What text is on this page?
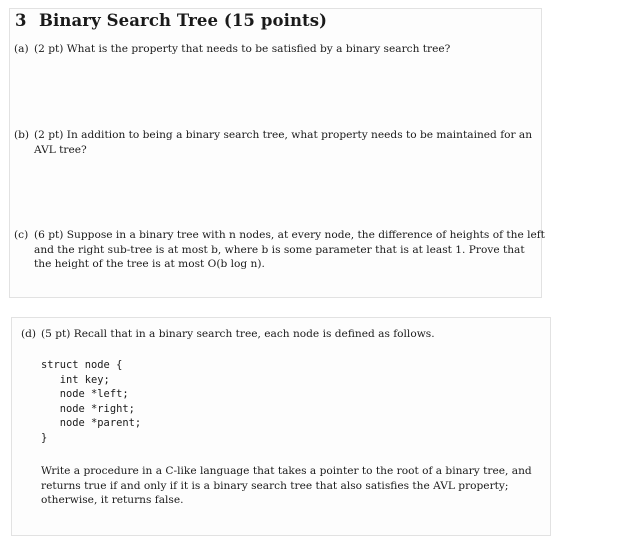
3 Binary Search Tree (15 points)
(a) (2 pt) What is the property that needs to be satisfied by a binary search tree?
(b) (2 pt) In addition to being a binary search tree, what property needs to be maintained for an
AVL tree?
(c) (6 pt) Suppose in a binary tree with n nodes, at every node, the difference of heights of the left
and the right sub-tree is at most b, where b is some parameter that is at least 1. Prove that
the height of the tree is at most O(b log n).
(d) (5 pt) Recall that in a binary search tree, each node is defined as follows.
struct node {
int key;
node *left;
node *right;
node *parent;
}
Write a procedure in a C-like language that takes a pointer to the root of a binary tree, and
returns true if and only if it is a binary search tree that also satisfies the AVL property;
otherwise, it returns false.
